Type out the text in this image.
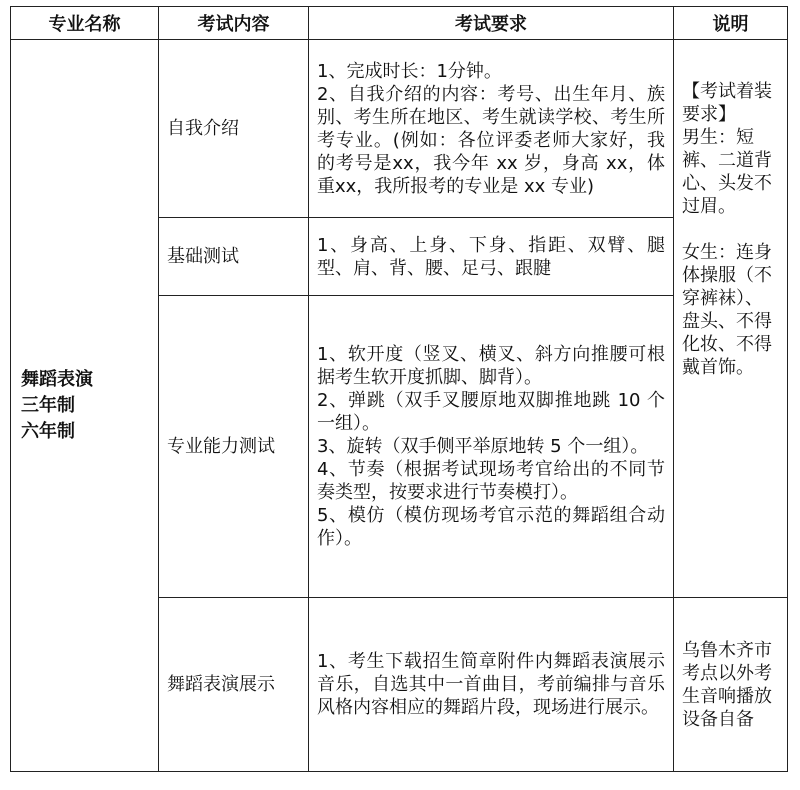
专业名称	考试内容	考试要求	说明

舞蹈表演
三年制
六年制	自我介绍	1、完成时长：1分钟。
2、自我介绍的内容：考号、出生年月、族别、考生所在地区、考生就读学校、考生所考专业。(例如：各位评委老师大家好，我的考号是xx，我今年 xx 岁，身高 xx，体重xx，我所报考的专业是 xx 专业)	【考试着装要求】
男生：短裤、二道背心、头发不过眉。
女生：连身体操服（不穿裤袜）、盘头、不得化妆、不得戴首饰。

	基础测试	1、身高、上身、下身、指距、双臂、腿型、肩、背、腰、足弓、跟腱	

	专业能力测试	1、软开度（竖叉、横叉、斜方向推腰可根据考生软开度抓脚、脚背）。
2、弹跳（双手叉腰原地双脚推地跳 10 个一组）。
3、旋转（双手侧平举原地转 5 个一组）。
4、节奏（根据考试现场考官给出的不同节奏类型，按要求进行节奏模打）。
5、模仿（模仿现场考官示范的舞蹈组合动作）。	

	舞蹈表演展示	1、考生下载招生简章附件内舞蹈表演展示音乐，自选其中一首曲目，考前编排与音乐风格内容相应的舞蹈片段，现场进行展示。	乌鲁木齐市考点以外考生音响播放设备自备
